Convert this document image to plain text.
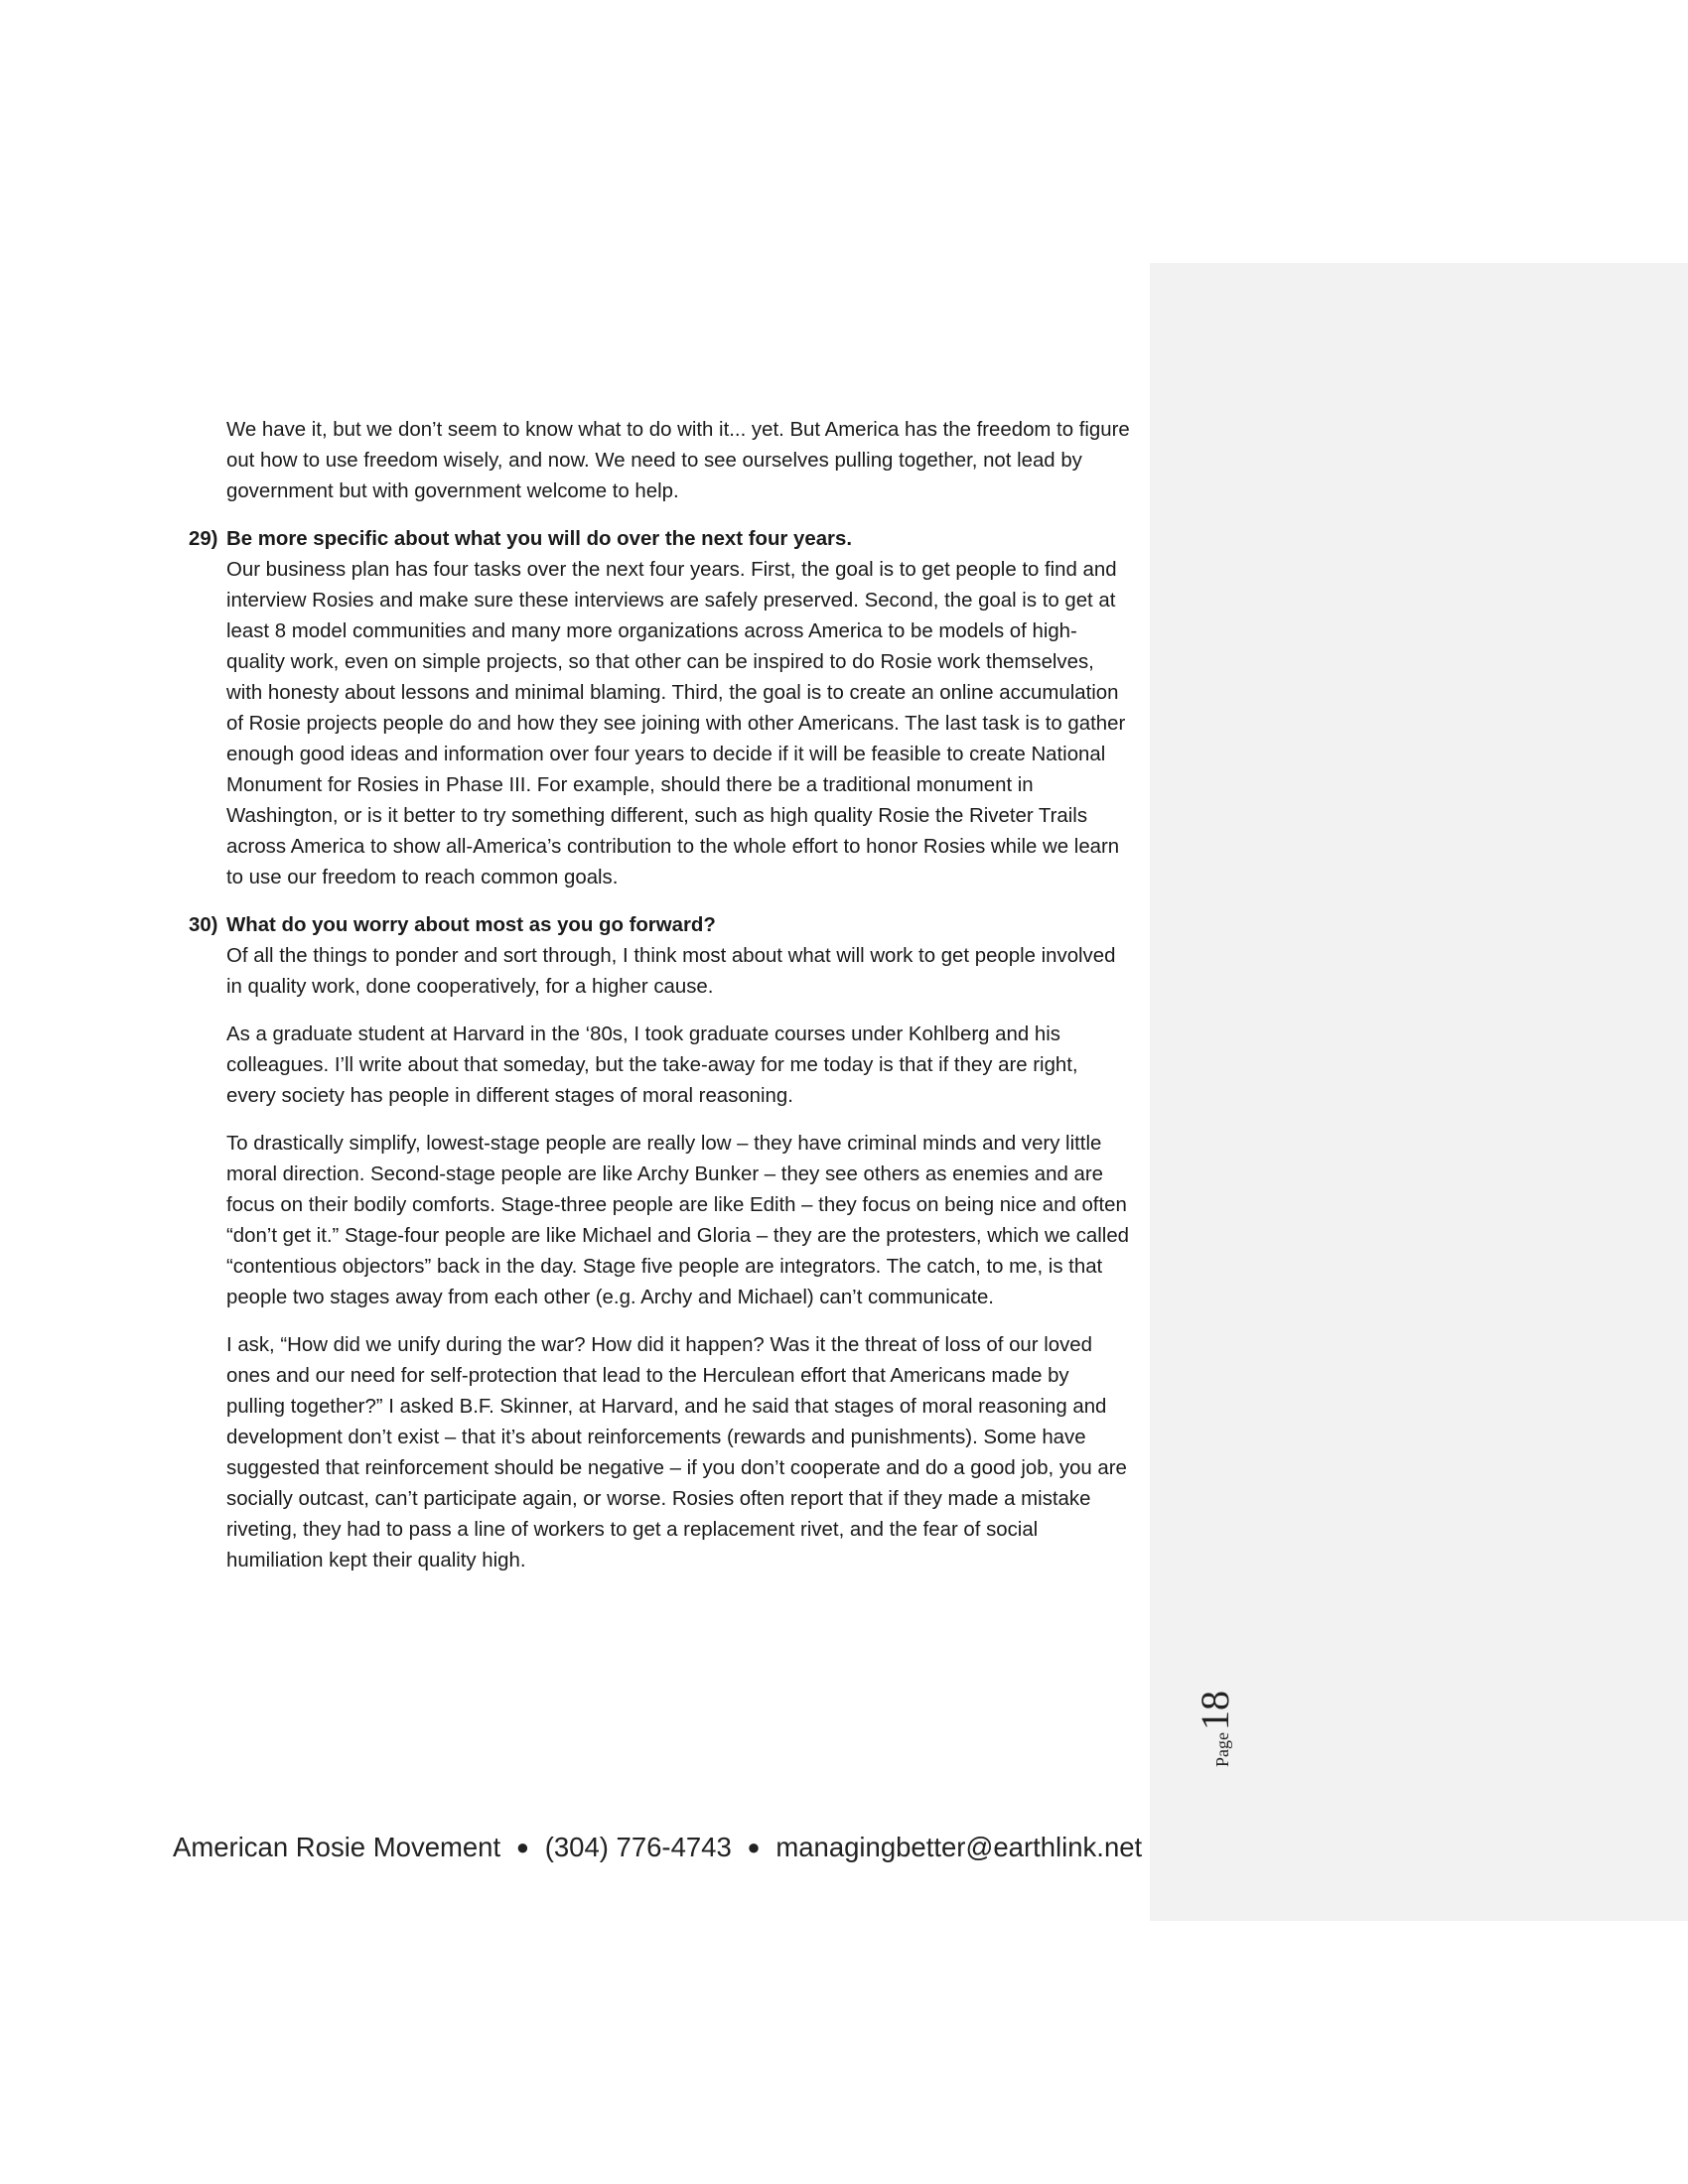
We have it, but we don’t seem to know what to do with it... yet. But America has the freedom to figure out how to use freedom wisely, and now. We need to see ourselves pulling together, not lead by government but with government welcome to help.

29) Be more specific about what you will do over the next four years.

Our business plan has four tasks over the next four years. First, the goal is to get people to find and interview Rosies and make sure these interviews are safely preserved. Second, the goal is to get at least 8 model communities and many more organizations across America to be models of high-quality work, even on simple projects, so that other can be inspired to do Rosie work themselves, with honesty about lessons and minimal blaming. Third, the goal is to create an online accumulation of Rosie projects people do and how they see joining with other Americans. The last task is to gather enough good ideas and information over four years to decide if it will be feasible to create National Monument for Rosies in Phase III. For example, should there be a traditional monument in Washington, or is it better to try something different, such as high quality Rosie the Riveter Trails across America to show all-America’s contribution to the whole effort to honor Rosies while we learn to use our freedom to reach common goals.

30) What do you worry about most as you go forward?

Of all the things to ponder and sort through, I think most about what will work to get people involved in quality work, done cooperatively, for a higher cause.

As a graduate student at Harvard in the ‘80s, I took graduate courses under Kohlberg and his colleagues. I’ll write about that someday, but the take-away for me today is that if they are right, every society has people in different stages of moral reasoning.

To drastically simplify, lowest-stage people are really low – they have criminal minds and very little moral direction. Second-stage people are like Archy Bunker – they see others as enemies and are focus on their bodily comforts. Stage-three people are like Edith – they focus on being nice and often “don’t get it.” Stage-four people are like Michael and Gloria – they are the protesters, which we called “contentious objectors” back in the day. Stage five people are integrators. The catch, to me, is that people two stages away from each other (e.g. Archy and Michael) can’t communicate.

I ask, “How did we unify during the war? How did it happen? Was it the threat of loss of our loved ones and our need for self-protection that lead to the Herculean effort that Americans made by pulling together?” I asked B.F. Skinner, at Harvard, and he said that stages of moral reasoning and development don’t exist – that it’s about reinforcements (rewards and punishments). Some have suggested that reinforcement should be negative – if you don’t cooperate and do a good job, you are socially outcast, can’t participate again, or worse. Rosies often report that if they made a mistake riveting, they had to pass a line of workers to get a replacement rivet, and the fear of social humiliation kept their quality high.

Page18
American Rosie Movement ● (304) 776-4743 ● managingbetter@earthlink.net
